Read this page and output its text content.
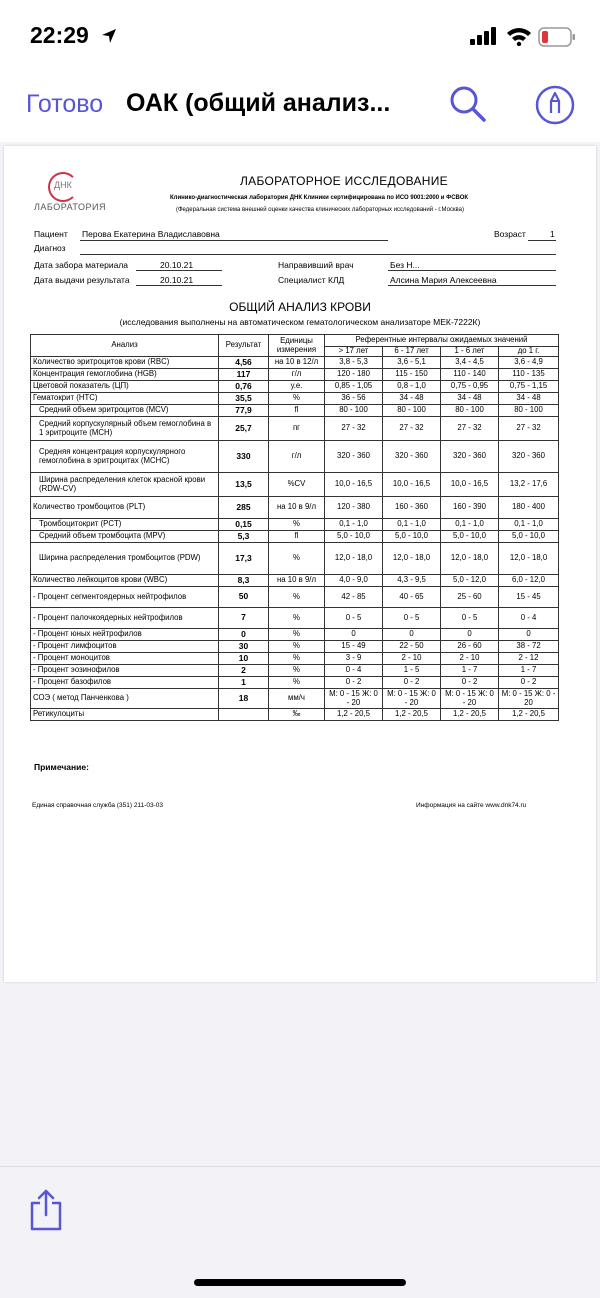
22:29
Готово ОАК (общий анализ...
ДНК
ЛАБОРАТОРИЯ
ЛАБОРАТОРНОЕ ИССЛЕДОВАНИЕ
Клинико-диагностическая лаборатория ДНК Клиники сертифицирована по ИСО 9001:2000 и ФСВОК
(Федеральная система внешней оценки качества клинических лабораторных исследований - г.Москва)
Пациент Перова Екатерина Владиславовна	Возраст	1
Диагноз
Дата забора материала	20.10.21	Направивший врач	Без Н...
Дата выдачи результата	20.10.21	Специалист КЛД	Алсина Мария Алексеевна
ОБЩИЙ АНАЛИЗ КРОВИ
(исследования выполнены на автоматическом гематологическом анализаторе МЕК-7222К)
Анализ	Результат	Единицы измерения	Референтные интервалы ожидаемых значений			
			> 17 лет	6 - 17 лет	1 - 6 лет	до 1 г.
Количество эритроцитов крови (RBC)	4,56	на 10 в 12/л	3,8 - 5,3	3,6 - 5,1	3,4 - 4,5	3,6 - 4,9
Концентрация гемоглобина (HGB)	117	г/л	120 - 180	115 - 150	110 - 140	110 - 135
Цветовой показатель (ЦП)	0,76	у.е.	0,85 - 1,05	0,8 - 1,0	0,75 - 0,95	0,75 - 1,15
Гематокрит (HTC)	35,5	%	36 - 56	34 - 48	34 - 48	34 - 48
Средний объем эритроцитов (MCV)	77,9	fl	80 - 100	80 - 100	80 - 100	80 - 100
Средний корпускулярный объем гемоглобина в 1 эритроците (MCH)	25,7	пг	27 - 32	27 - 32	27 - 32	27 - 32
Средняя концентрация корпускулярного гемоглобина в эритроцитах (MCHC)	330	г/л	320 - 360	320 - 360	320 - 360	320 - 360
Ширина распределения клеток красной крови (RDW-CV)	13,5	%CV	10,0 - 16,5	10,0 - 16,5	10,0 - 16,5	13,2 - 17,6
Количество тромбоцитов (PLT)	285	на 10 в 9/л	120 - 380	160 - 360	160 - 390	180 - 400
Тромбоцитокрит (PCT)	0,15	%	0,1 - 1,0	0,1 - 1,0	0,1 - 1,0	0,1 - 1,0
Средний объем тромбоцита (MPV)	5,3	fl	5,0 - 10,0	5,0 - 10,0	5,0 - 10,0	5,0 - 10,0
Ширина распределения тромбоцитов (PDW)	17,3	%	12,0 - 18,0	12,0 - 18,0	12,0 - 18,0	12,0 - 18,0
Количество лейкоцитов крови (WBC)	8,3	на 10 в 9/л	4,0 - 9,0	4,3 - 9,5	5,0 - 12,0	6,0 - 12,0
- Процент сегментоядерных нейтрофилов	50	%	42 - 85	40 - 65	25 - 60	15 - 45
- Процент палочкоядерных нейтрофилов	7	%	0 - 5	0 - 5	0 - 5	0 - 4
- Процент юных нейтрофилов	0	%	0	0	0	0
- Процент лимфоцитов	30	%	15 - 49	22 - 50	26 - 60	38 - 72
- Процент моноцитов	10	%	3 - 9	2 - 10	2 - 10	2 - 12
- Процент эозинофилов	2	%	0 - 4	1 - 5	1 - 7	1 - 7
- Процент базофилов	1	%	0 - 2	0 - 2	0 - 2	0 - 2
СОЭ ( метод Панченкова )	18	мм/ч	М: 0 - 15 Ж: 0 - 20	М: 0 - 15 Ж: 0 - 20	М: 0 - 15 Ж: 0 - 20	М: 0 - 15 Ж: 0 - 20
Ретикулоциты		‰	1,2 - 20,5	1,2 - 20,5	1,2 - 20,5	1,2 - 20,5
Примечание:
Единая справочная служба (351) 211-03-03	Информация на сайте www.dnk74.ru
